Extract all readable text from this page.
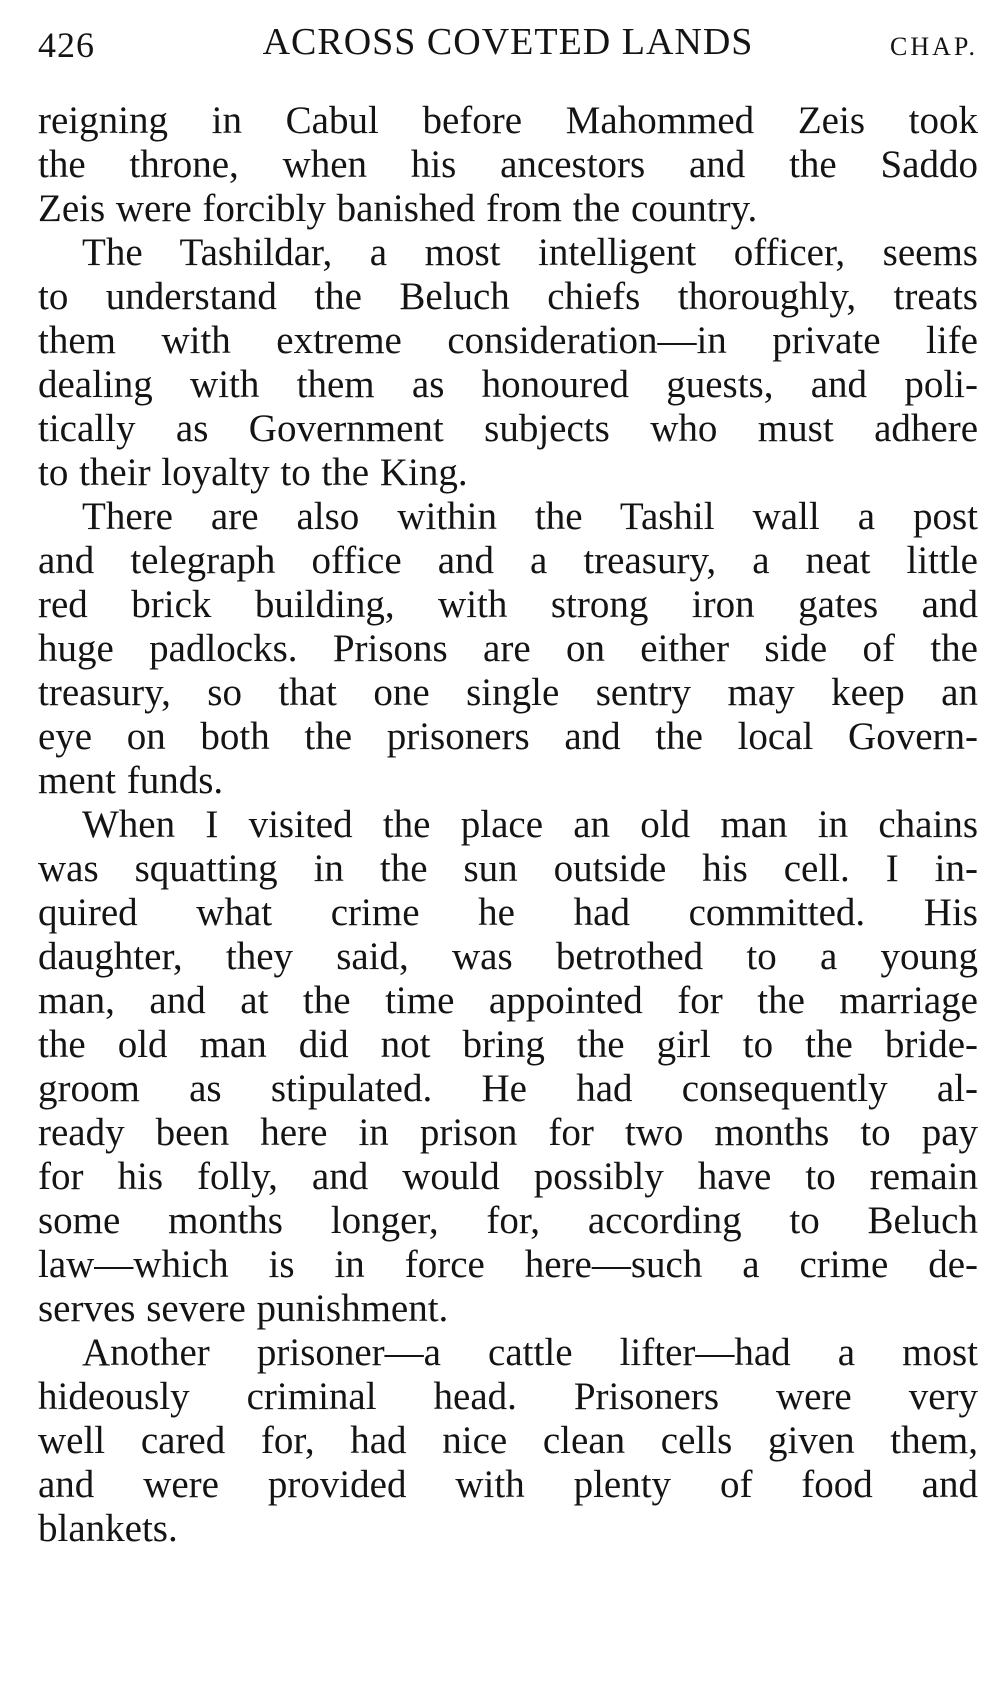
426	ACROSS COVETED LANDS	CHAP.

reigning in Cabul before Mahommed Zeis took
the throne, when his ancestors and the Saddo
Zeis were forcibly banished from the country.

The Tashildar, a most intelligent officer, seems
to understand the Beluch chiefs thoroughly, treats
them with extreme consideration—in private life
dealing with them as honoured guests, and poli-
tically as Government subjects who must adhere
to their loyalty to the King.

There are also within the Tashil wall a post
and telegraph office and a treasury, a neat little
red brick building, with strong iron gates and
huge padlocks. Prisons are on either side of the
treasury, so that one single sentry may keep an
eye on both the prisoners and the local Govern-
ment funds.

When I visited the place an old man in chains
was squatting in the sun outside his cell. I in-
quired what crime he had committed. His
daughter, they said, was betrothed to a young
man, and at the time appointed for the marriage
the old man did not bring the girl to the bride-
groom as stipulated. He had consequently al-
ready been here in prison for two months to pay
for his folly, and would possibly have to remain
some months longer, for, according to Beluch
law—which is in force here—such a crime de-
serves severe punishment.

Another prisoner—a cattle lifter—had a most
hideously criminal head. Prisoners were very
well cared for, had nice clean cells given them,
and were provided with plenty of food and
blankets.
